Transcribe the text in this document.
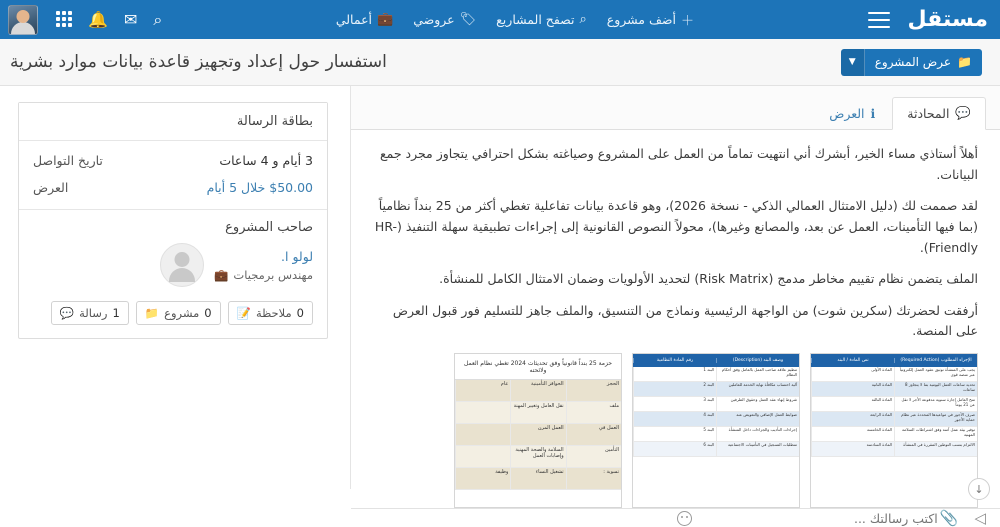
مستقل
＋
أضف مشروع
⌕
تصفح المشاريع
🏷
عروضي
💼
أعمالي
⌕
✉
🔔
▼	عرض المشروع 📁
استفسار حول إعداد وتجهيز قاعدة بيانات موارد بشرية
💬
المحادثة
ℹ
العرض

أهلاً أستاذي مساء الخير، أبشرك أني انتهيت تماماً من العمل على المشروع وصياغته بشكل احترافي يتجاوز مجرد جمع البيانات.

لقد صممت لك (دليل الامتثال العمالي الذكي - نسخة 2026)، وهو قاعدة بيانات تفاعلية تغطي أكثر من 25 بنداً نظامياً (بما فيها التأمينات، العمل عن بعد، والمصانع وغيرها)، محولاً النصوص القانونية إلى إجراءات تطبيقية سهلة التنفيذ (HR-Friendly).

الملف يتضمن نظام تقييم مخاطر مدمج (Risk Matrix) لتحديد الأولويات وضمان الامتثال الكامل للمنشأة.

أرفقت لحضرتك (سكرين شوت) من الواجهة الرئيسية ونماذج من التنسيق، والملف جاهز للتسليم فور قبول العرض على المنصة.

الإجراء المطلوب (Required Action)
نص المادة / البند
يجب على المنشأة توثيق عقود العمل إلكترونياً عبر منصة قوى
المادة الأولى
تحديد ساعات العمل اليومية بما لا يتجاوز 8 ساعات
المادة الثانية
منح العامل إجازة سنوية مدفوعة الأجر لا تقل عن 21 يوماً
المادة الثالثة
صرف الأجور في مواعيدها المحددة عبر نظام حماية الأجور
المادة الرابعة
توفير بيئة عمل آمنة وفق اشتراطات السلامة المهنية
المادة الخامسة
الالتزام بنسب التوطين المقررة في المنشأة
المادة السادسة
وصف البند (Description)
رقم المادة النظامية
تنظيم علاقة صاحب العمل بالعامل وفق أحكام النظام
البند 1
آلية احتساب مكافأة نهاية الخدمة للعاملين
البند 2
شروط إنهاء عقد العمل وحقوق الطرفين
البند 3
ضوابط العمل الإضافي والتعويض عنه
البند 4
إجراءات التأديب والجزاءات داخل المنشأة
البند 5
متطلبات التسجيل في التأمينات الاجتماعية
البند 6
حزمة 25 بنداً قانونياً وفق تحديثات 2024 تغطي نظام العمل ولائحته
الحجز
الحوافز التأمينية
عام
ملف
نقل العامل وتغيير المهنة
العمل في
العمل المرن
التأمين
السلامة والصحة المهنية وإصابات العمل
تسوية :
تشغيل النساء
وظيفة
↓
◁
📎
اكتب رسالتك ...
بطاقة الرسالة
3 أيام و 4 ساعات
تاريخ التواصل
$50.00 خلال 5 أيام
العرض
صاحب المشروع
لولو ا.
مهندس برمجيات
💼
0
ملاحظة
📝
0
مشروع
📁
1
رسالة
💬
